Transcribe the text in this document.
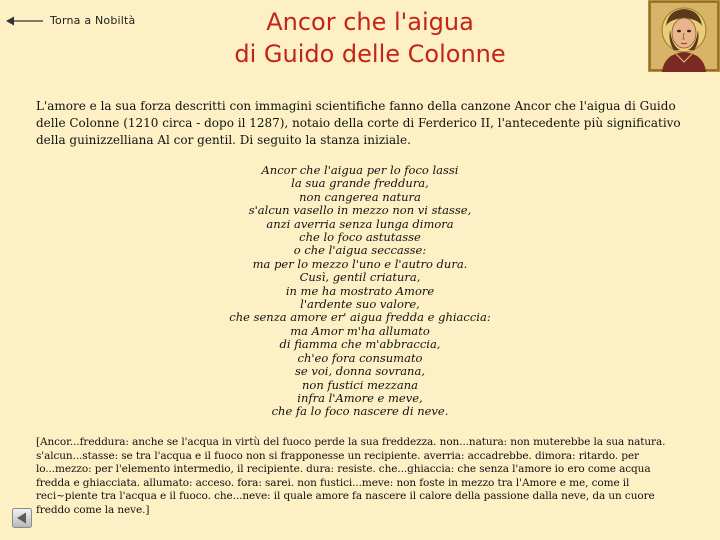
Torna a Nobiltà	Ancor che l'aigua
di Guido delle Colonne

L'amore e la sua forza descritti con immagini scientifiche fanno della canzone Ancor che l'aigua di Guido delle Colonne (1210 circa - dopo il 1287), notaio della corte di Ferderico II, l'antecedente più significativo della guinizzelliana Al cor gentil. Di seguito la stanza iniziale.

Ancor che l'aigua per lo foco lassi
la sua grande freddura,
non cangerea natura
s'alcun vasello in mezzo non vi stasse,
anzi averria senza lunga dimora
che lo foco astutasse
o che l'aigua seccasse:
ma per lo mezzo l'uno e l'autro dura.
Cusì, gentil criatura,
in me ha mostrato Amore
l'ardente suo valore,
che senza amore er' aigua fredda e ghiaccia:
ma Amor m'ha allumato
di fiamma che m'abbraccia,
ch'eo fora consumato
se voi, donna sovrana,
non fustici mezzana
infra l'Amore e meve,
che fa lo foco nascere di neve.

[Ancor...freddura: anche se l'acqua in virtù del fuoco perde la sua freddezza. non...natura: non muterebbe la sua natura. s'alcun...stasse: se tra l'acqua e il fuoco non si frapponesse un recipiente. averria: accadrebbe. dimora: ritardo. per lo...mezzo: per l'elemento intermedio, il recipiente. dura: resiste. che...ghiaccia: che senza l'amore io ero come acqua fredda e ghiacciata. allumato: acceso. fora: sarei. non fustici...meve: non foste in mezzo tra l'Amore e me, come il reci~piente tra l'acqua e il fuoco. che...neve: il quale amore fa nascere il calore della passione dalla neve, da un cuore freddo come la neve.]
